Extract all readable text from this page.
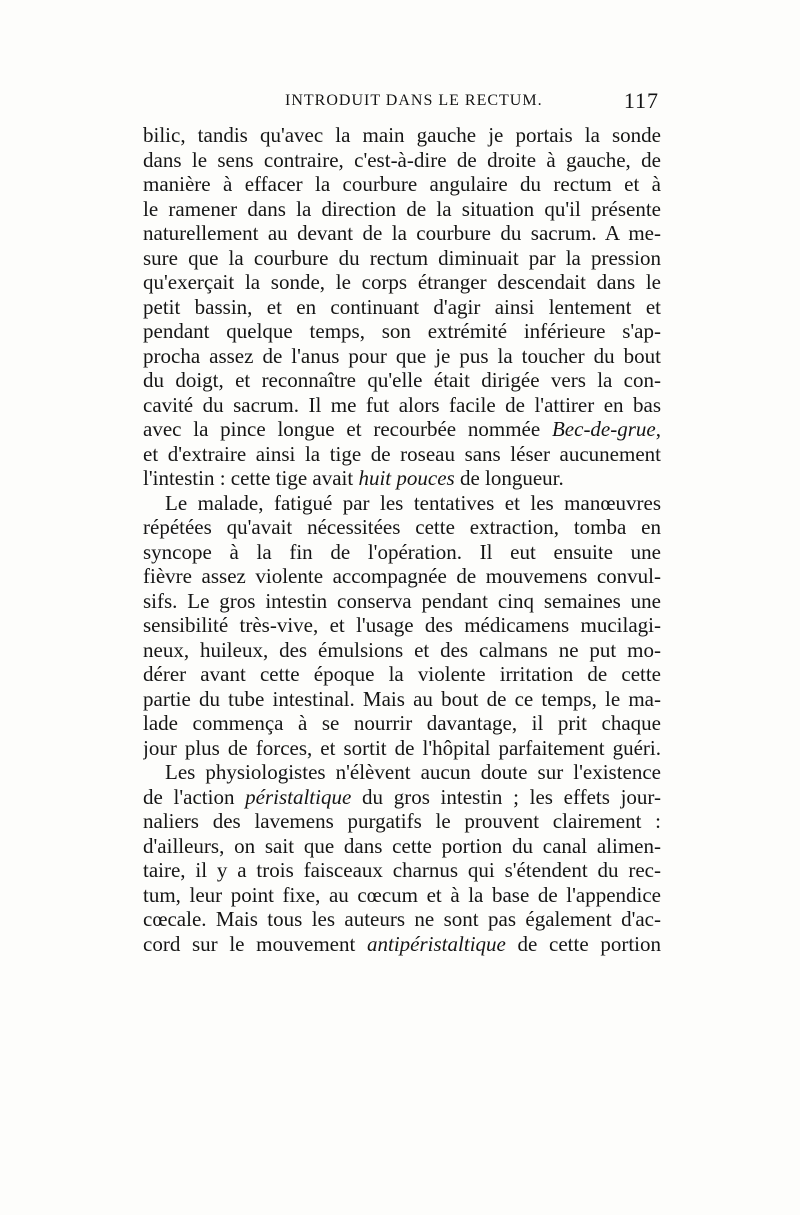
INTRODUIT DANS LE RECTUM.	117
bilic, tandis qu'avec la main gauche je portais la sonde
dans le sens contraire, c'est-à-dire de droite à gauche, de
manière à effacer la courbure angulaire du rectum et à
le ramener dans la direction de la situation qu'il présente
naturellement au devant de la courbure du sacrum. A me-
sure que la courbure du rectum diminuait par la pression
qu'exerçait la sonde, le corps étranger descendait dans le
petit bassin, et en continuant d'agir ainsi lentement et
pendant quelque temps, son extrémité inférieure s'ap-
procha assez de l'anus pour que je pus la toucher du bout
du doigt, et reconnaître qu'elle était dirigée vers la con-
cavité du sacrum. Il me fut alors facile de l'attirer en bas
avec la pince longue et recourbée nommée Bec-de-grue,
et d'extraire ainsi la tige de roseau sans léser aucunement
l'intestin : cette tige avait huit pouces de longueur.
Le malade, fatigué par les tentatives et les manœuvres
répétées qu'avait nécessitées cette extraction, tomba en
syncope à la fin de l'opération. Il eut ensuite une
fièvre assez violente accompagnée de mouvemens convul-
sifs. Le gros intestin conserva pendant cinq semaines une
sensibilité très-vive, et l'usage des médicamens mucilagi-
neux, huileux, des émulsions et des calmans ne put mo-
dérer avant cette époque la violente irritation de cette
partie du tube intestinal. Mais au bout de ce temps, le ma-
lade commença à se nourrir davantage, il prit chaque
jour plus de forces, et sortit de l'hôpital parfaitement guéri.
Les physiologistes n'élèvent aucun doute sur l'existence
de l'action péristaltique du gros intestin ; les effets jour-
naliers des lavemens purgatifs le prouvent clairement :
d'ailleurs, on sait que dans cette portion du canal alimen-
taire, il y a trois faisceaux charnus qui s'étendent du rec-
tum, leur point fixe, au cœcum et à la base de l'appendice
cœcale. Mais tous les auteurs ne sont pas également d'ac-
cord sur le mouvement antipéristaltique de cette portion
